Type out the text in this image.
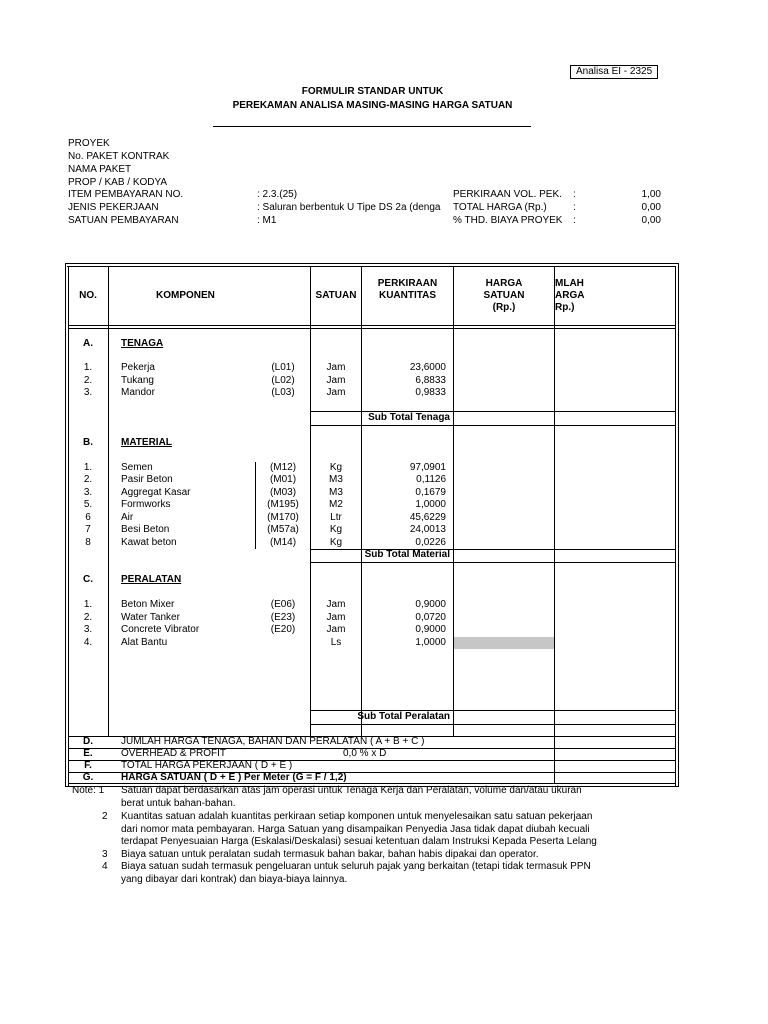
Analisa EI - 2325
FORMULIR STANDAR UNTUK
PEREKAMAN ANALISA MASING-MASING HARGA SATUAN
PROYEK
No. PAKET KONTRAK
NAMA PAKET
PROP / KAB / KODYA
ITEM PEMBAYARAN NO.	: 2.3.(25)	PERKIRAAN VOL. PEK. :	1,00
JENIS PEKERJAAN	: Saluran berbentuk U Tipe DS 2a (denga	TOTAL HARGA (Rp.)	:	0,00
SATUAN PEMBAYARAN	: M1	% THD. BIAYA PROYEK :	0,00
NO.	KOMPONEN	SATUAN
PERKIRAAN
KUANTITAS
HARGA
SATUAN
(Rp.)
MLAH
ARGA
Rp.)
A.	TENAGA
1.	Pekerja	(L01)	Jam	23,6000
2.	Tukang	(L02)	Jam	6,8833
3.	Mandor	(L03)	Jam	0,9833
Sub Total Tenaga
B.	MATERIAL
1.	Semen	(M12)	Kg	97,0901
2.	Pasir Beton	(M01)	M3	0,1126
3.	Aggregat Kasar	(M03)	M3	0,1679
5.	Formworks	(M195)	M2	1,0000
6	Air	(M170)	Ltr	45,6229
7	Besi Beton	(M57a)	Kg	24,0013
8	Kawat beton	(M14)	Kg	0,0226
Sub Total Material
C.	PERALATAN
1.	Beton Mixer	(E06)	Jam	0,9000
2.	Water Tanker	(E23)	Jam	0,0720
3.	Concrete Vibrator	(E20)	Jam	0,9000
4.	Alat Bantu	Ls	1,0000
Sub Total Peralatan
D.	JUMLAH HARGA TENAGA, BAHAN DAN PERALATAN ( A + B + C )
E.	OVERHEAD & PROFIT	0,0 % x D
F.	TOTAL HARGA PEKERJAAN ( D + E )
G.	HARGA SATUAN ( D + E ) Per Meter (G = F / 1,2)
Note: 1 Satuan dapat berdasarkan atas jam operasi untuk Tenaga Kerja dan Peralatan, volume dan/atau ukuran
berat untuk bahan-bahan.
2 Kuantitas satuan adalah kuantitas perkiraan setiap komponen untuk menyelesaikan satu satuan pekerjaan
dari nomor mata pembayaran. Harga Satuan yang disampaikan Penyedia Jasa tidak dapat diubah kecuali
terdapat Penyesuaian Harga (Eskalasi/Deskalasi) sesuai ketentuan dalam Instruksi Kepada Peserta Lelang
3 Biaya satuan untuk peralatan sudah termasuk bahan bakar, bahan habis dipakai dan operator.
4 Biaya satuan sudah termasuk pengeluaran untuk seluruh pajak yang berkaitan (tetapi tidak termasuk PPN
yang dibayar dari kontrak) dan biaya-biaya lainnya.
